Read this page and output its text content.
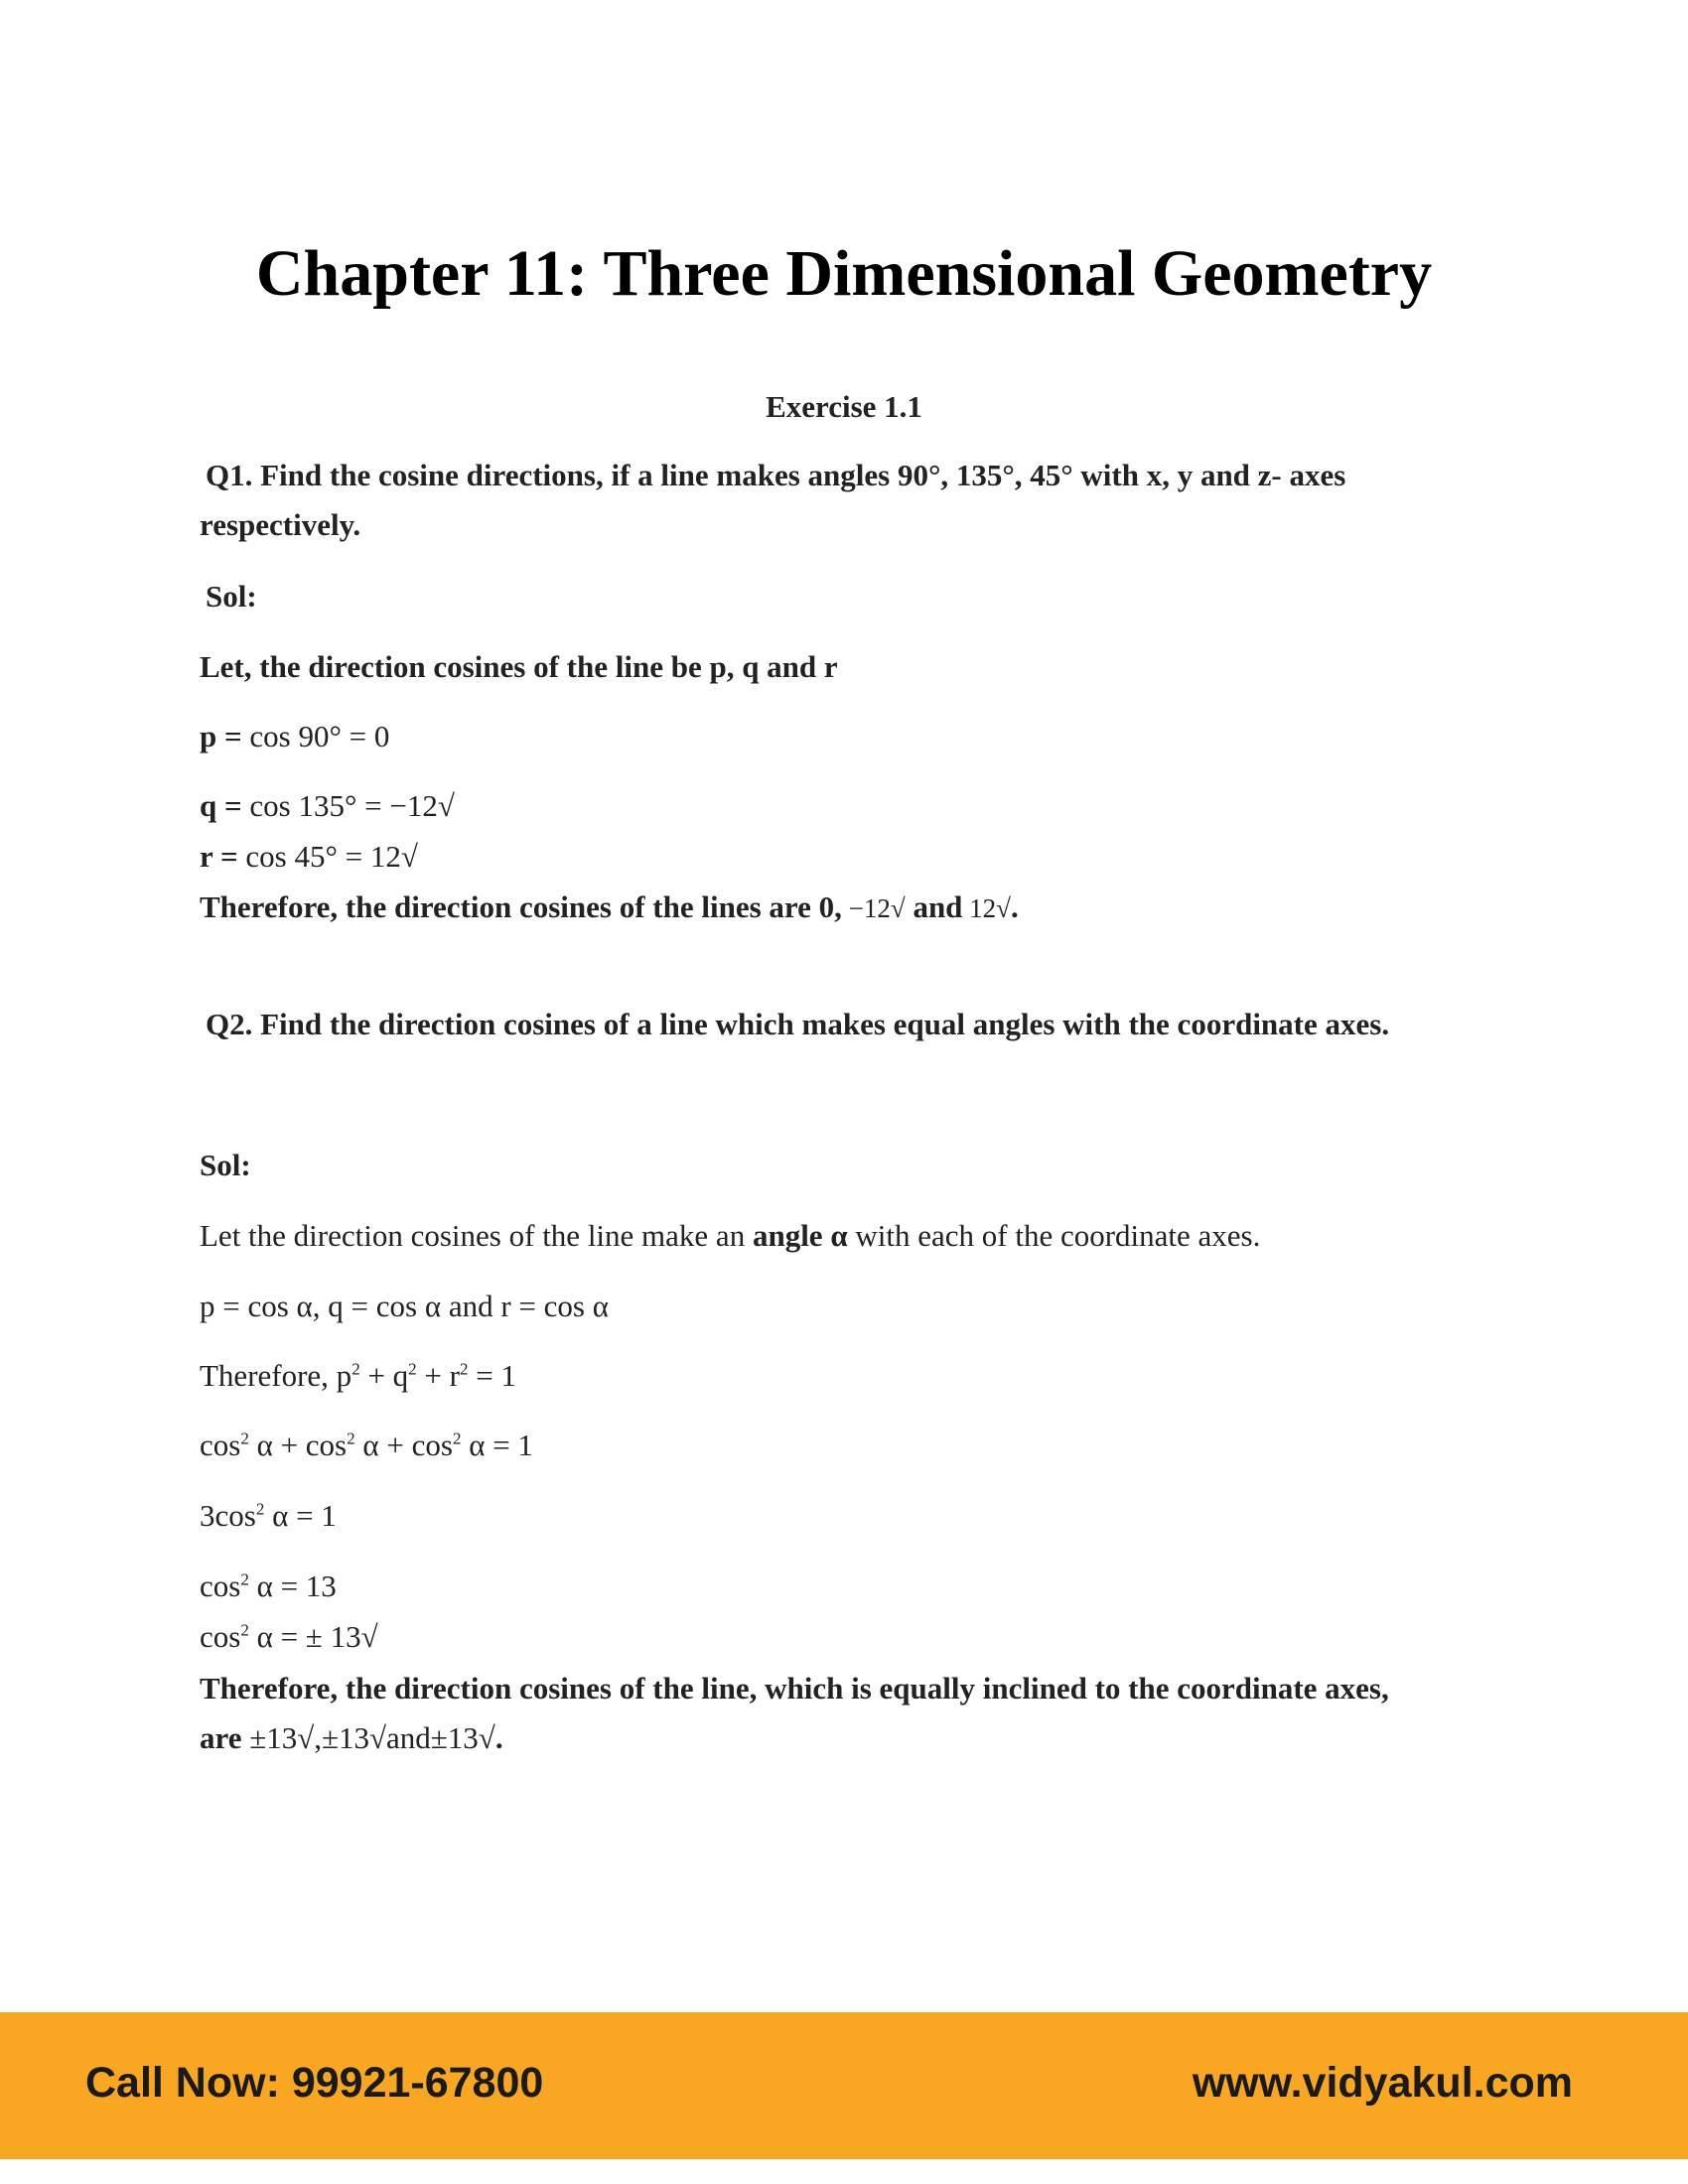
Chapter 11: Three Dimensional Geometry
Exercise 1.1
Q1. Find the cosine directions, if a line makes angles 90°, 135°, 45° with x, y and z- axes
respectively.
Sol:
Let, the direction cosines of the line be p, q and r
p = cos 90° = 0
q = cos 135° = −12√
r = cos 45° = 12√
Therefore, the direction cosines of the lines are 0, −12√ and 12√.
Q2. Find the direction cosines of a line which makes equal angles with the coordinate axes.
Sol:
Let the direction cosines of the line make an angle α with each of the coordinate axes.
p = cos α, q = cos α and r = cos α
Therefore, $p^2 + q^2 + r^2 = 1$
$\cos^2 \alpha + \cos^2 \alpha + \cos^2 \alpha = 1$
$3\cos^2$ α = 1
$\cos^2 \alpha = 13$
$\cos^2 \alpha$ = ± 13√
Therefore, the direction cosines of the line, which is equally inclined to the coordinate axes,
are ±13√,±13√and±13√.
Call Now: 99921-67800	www.vidyakul.com
